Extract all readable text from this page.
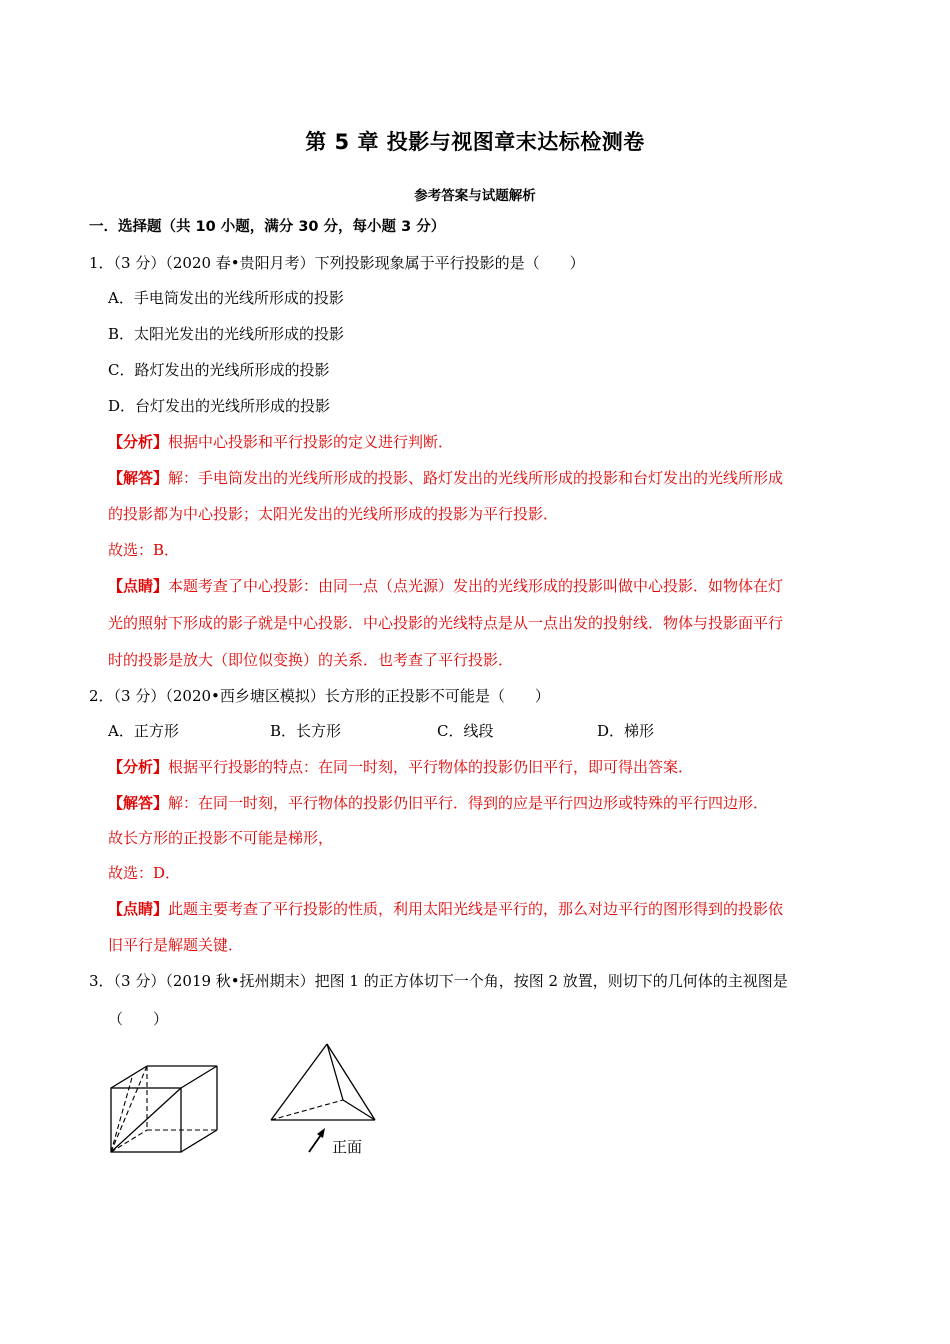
第 5 章 投影与视图章末达标检测卷
参考答案与试题解析
一．选择题（共 10 小题，满分 30 分，每小题 3 分）
1．（3 分）（2020 春•贵阳月考）下列投影现象属于平行投影的是（　　）
A．手电筒发出的光线所形成的投影
B．太阳光发出的光线所形成的投影
C．路灯发出的光线所形成的投影
D．台灯发出的光线所形成的投影
【分析】根据中心投影和平行投影的定义进行判断．
【解答】解：手电筒发出的光线所形成的投影、路灯发出的光线所形成的投影和台灯发出的光线所形成
的投影都为中心投影；太阳光发出的光线所形成的投影为平行投影．
故选：B．
【点睛】本题考查了中心投影：由同一点（点光源）发出的光线形成的投影叫做中心投影．如物体在灯
光的照射下形成的影子就是中心投影．中心投影的光线特点是从一点出发的投射线．物体与投影面平行
时的投影是放大（即位似变换）的关系．也考查了平行投影．
2．（3 分）（2020•西乡塘区模拟）长方形的正投影不可能是（　　）
A．正方形	B．长方形	C．线段	D．梯形
【分析】根据平行投影的特点：在同一时刻，平行物体的投影仍旧平行，即可得出答案．
【解答】解：在同一时刻，平行物体的投影仍旧平行．得到的应是平行四边形或特殊的平行四边形．
故长方形的正投影不可能是梯形，
故选：D．
【点睛】此题主要考查了平行投影的性质，利用太阳光线是平行的，那么对边平行的图形得到的投影依
旧平行是解题关键．
3．（3 分）（2019 秋•抚州期末）把图 1 的正方体切下一个角，按图 2 放置，则切下的几何体的主视图是
（　　）
正面
